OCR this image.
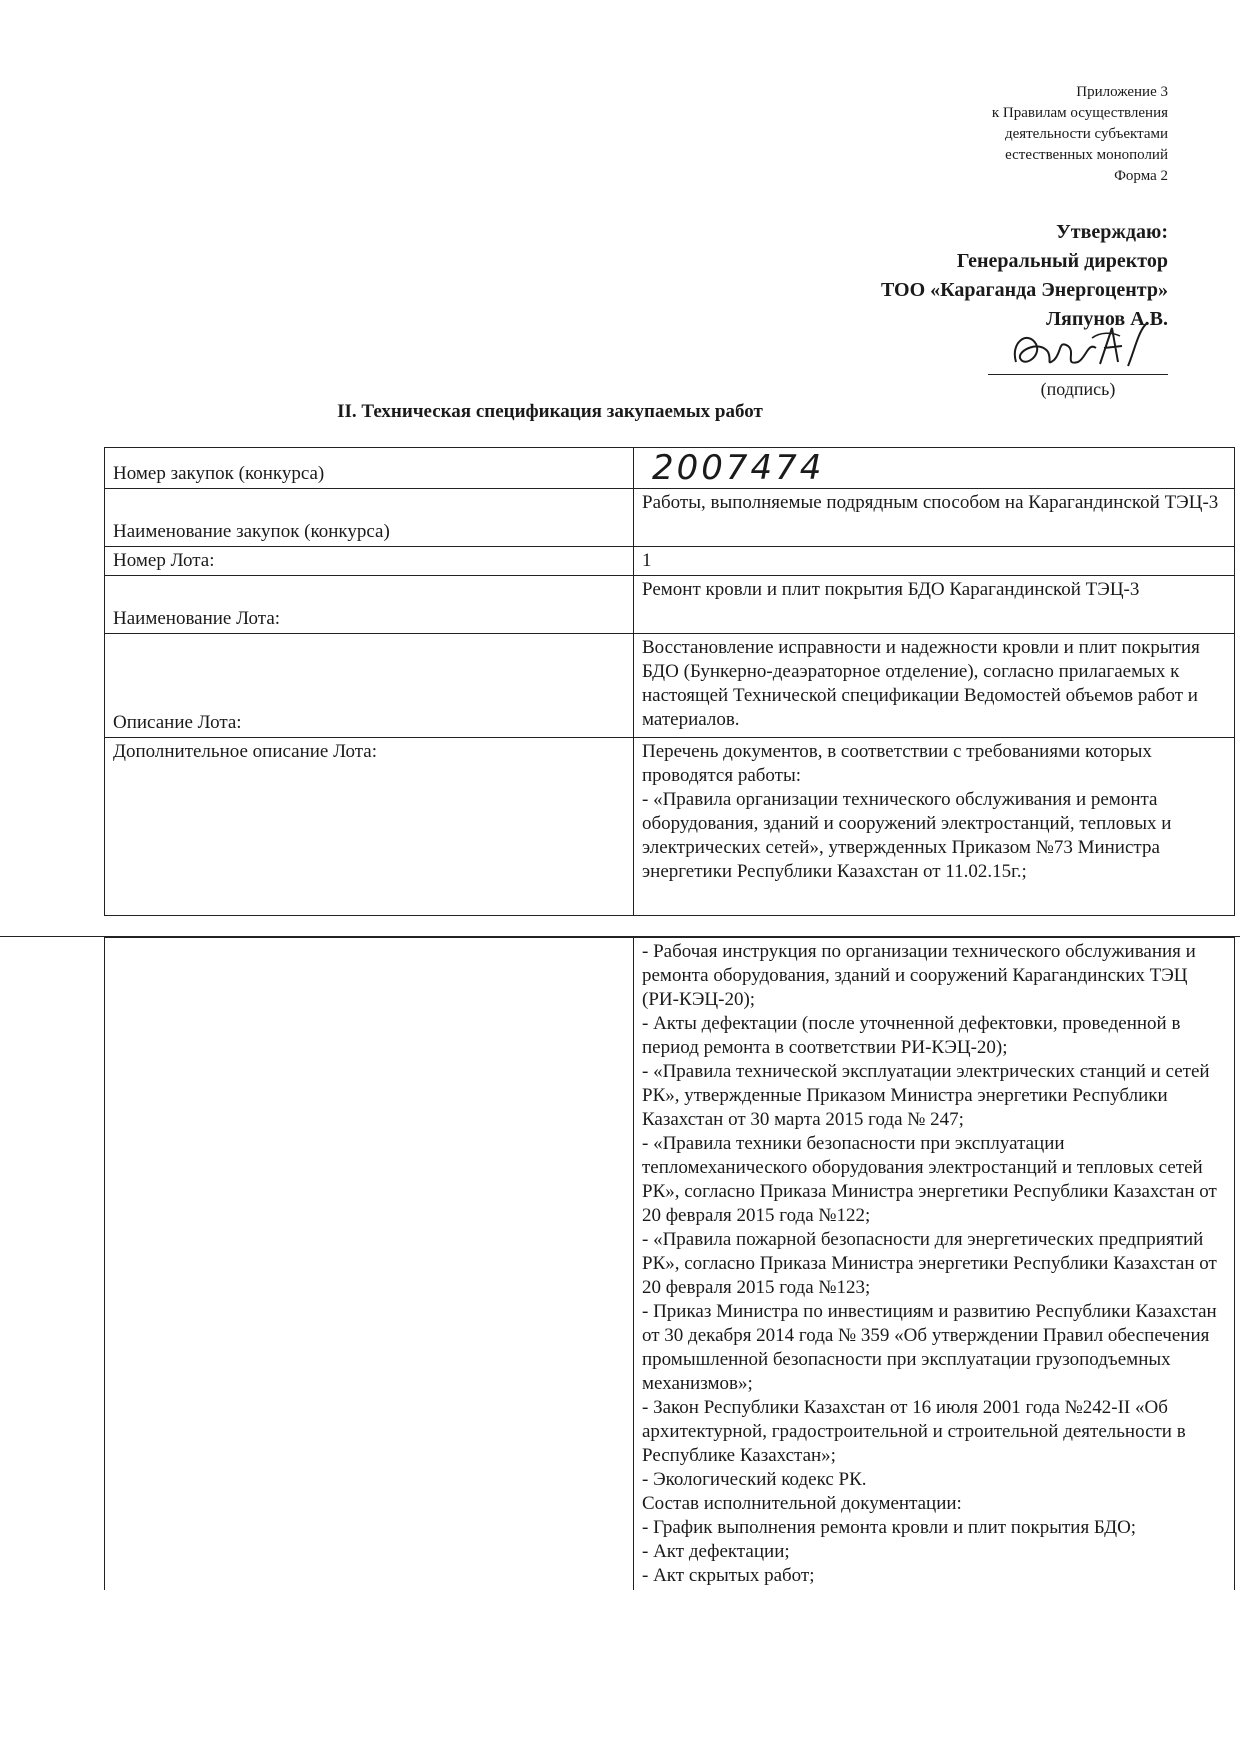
Приложение 3
к Правилам осуществления
деятельности субъектами
естественных монополий
Форма 2
Утверждаю:
Генеральный директор
ТОО «Караганда Энергоцентр»
Ляпунов А.В.
(подпись)
II. Техническая спецификация закупаемых работ
Номер закупок (конкурса)	2007474
Наименование закупок (конкурса)	Работы, выполняемые подрядным способом на Карагандинской ТЭЦ-3
Номер Лота:	1
Наименование Лота:	Ремонт кровли и плит покрытия БДО Карагандинской ТЭЦ-3
Описание Лота:	Восстановление исправности и надежности кровли и плит покрытия БДО (Бункерно-деаэраторное отделение), согласно прилагаемых к настоящей Технической спецификации Ведомостей объемов работ и материалов.
Дополнительное описание Лота:	Перечень документов, в соответствии с требованиями которых проводятся работы:
- «Правила организации технического обслуживания и ремонта оборудования, зданий и сооружений электростанций, тепловых и электрических сетей», утвержденных Приказом №73 Министра энергетики Республики Казахстан от 11.02.15г.;

- Рабочая инструкция по организации технического обслуживания и ремонта оборудования, зданий и сооружений Карагандинских ТЭЦ (РИ-КЭЦ-20);
- Акты дефектации (после уточненной дефектовки, проведенной в период ремонта в соответствии РИ-КЭЦ-20);
- «Правила технической эксплуатации электрических станций и сетей РК», утвержденные Приказом Министра энергетики Республики Казахстан от 30 марта 2015 года № 247;
- «Правила техники безопасности при эксплуатации тепломеханического оборудования электростанций и тепловых сетей РК», согласно Приказа Министра энергетики Республики Казахстан от 20 февраля 2015 года №122;
- «Правила пожарной безопасности для энергетических предприятий РК», согласно Приказа Министра энергетики Республики Казахстан от 20 февраля 2015 года №123;
- Приказ Министра по инвестициям и развитию Республики Казахстан от 30 декабря 2014 года № 359 «Об утверждении Правил обеспечения промышленной безопасности при эксплуатации грузоподъемных механизмов»;
- Закон Республики Казахстан от 16 июля 2001 года №242-II «Об архитектурной, градостроительной и строительной деятельности в Республике Казахстан»;
- Экологический кодекс РК.
Состав исполнительной документации:
- График выполнения ремонта кровли и плит покрытия БДО;
- Акт дефектации;
- Акт скрытых работ;
